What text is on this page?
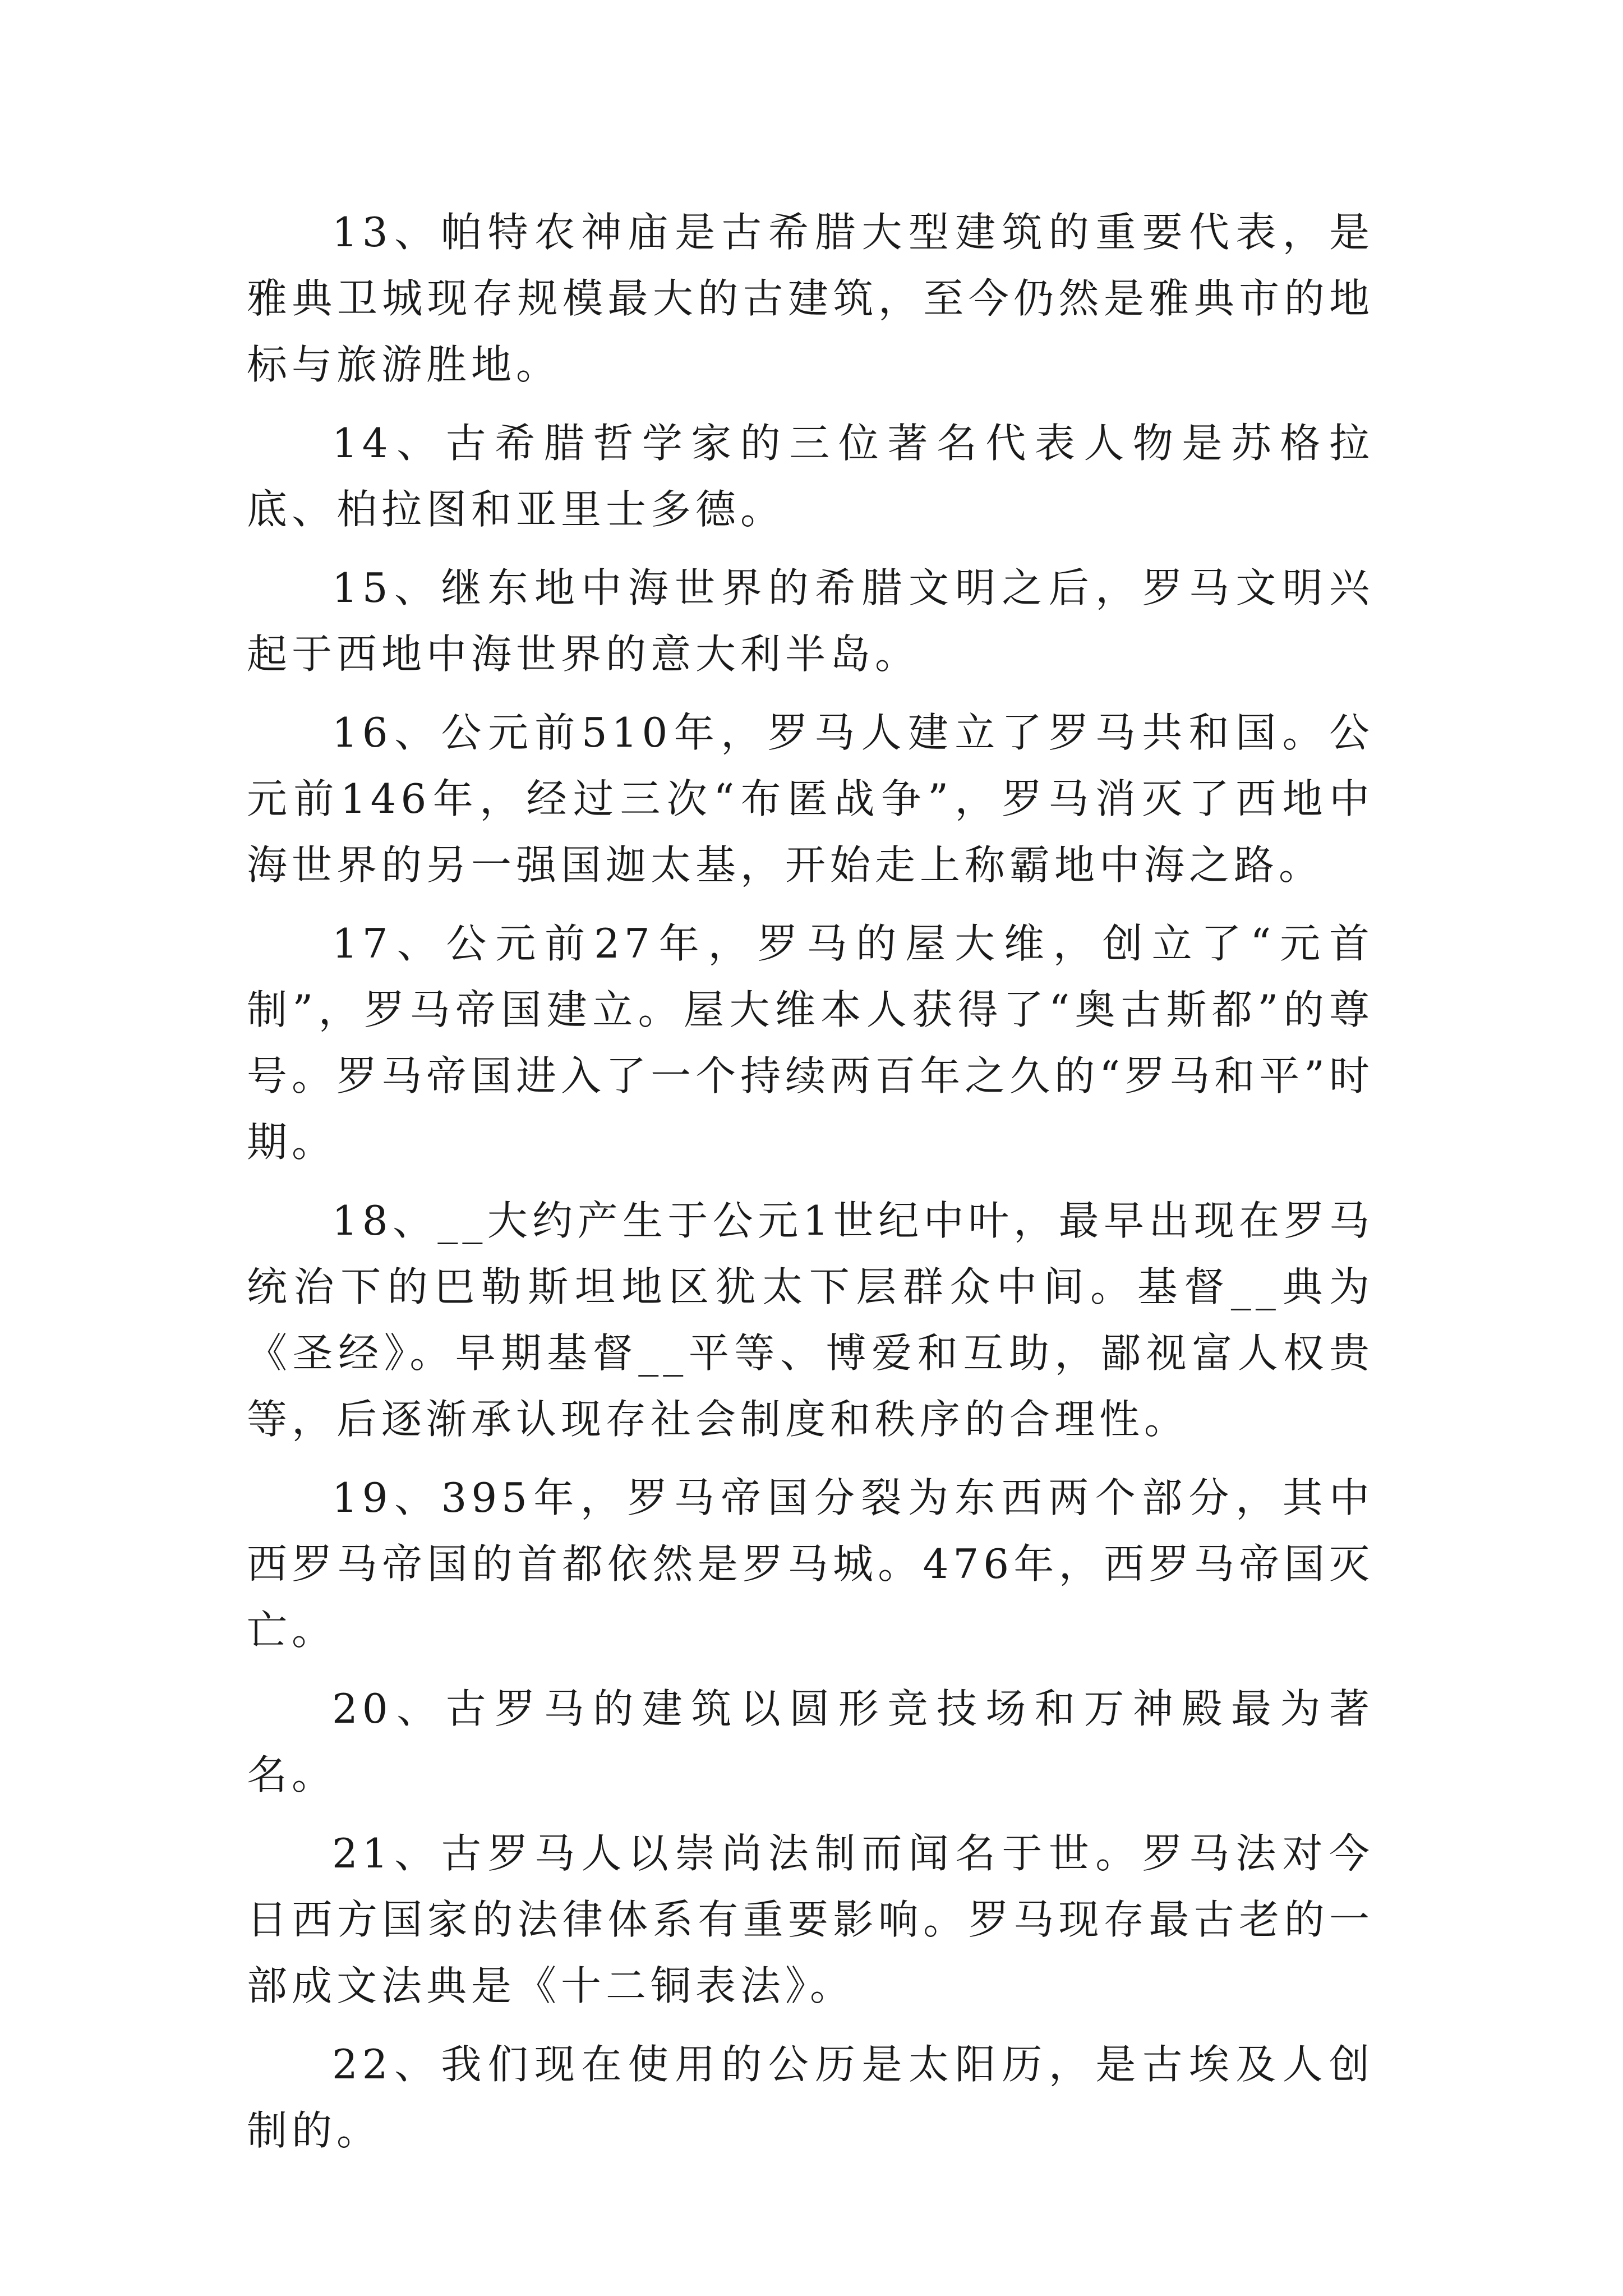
13、帕特农神庙是古希腊大型建筑的重要代表，是雅典卫城现存规模最大的古建筑，至今仍然是雅典市的地标与旅游胜地。

14、古希腊哲学家的三位著名代表人物是苏格拉底、柏拉图和亚里士多德。

15、继东地中海世界的希腊文明之后，罗马文明兴起于西地中海世界的意大利半岛。

16、公元前510年，罗马人建立了罗马共和国。公元前146年，经过三次“布匿战争”，罗马消灭了西地中海世界的另一强国迦太基，开始走上称霸地中海之路。

17、公元前27年，罗马的屋大维，创立了“元首制”，罗马帝国建立。屋大维本人获得了“奥古斯都”的尊号。罗马帝国进入了一个持续两百年之久的“罗马和平”时期。

18、__大约产生于公元1世纪中叶，最早出现在罗马统治下的巴勒斯坦地区犹太下层群众中间。基督__典为《圣经》。早期基督__平等、博爱和互助，鄙视富人权贵等，后逐渐承认现存社会制度和秩序的合理性。

19、395年，罗马帝国分裂为东西两个部分，其中西罗马帝国的首都依然是罗马城。476年，西罗马帝国灭亡。

20、古罗马的建筑以圆形竞技场和万神殿最为著名。

21、古罗马人以崇尚法制而闻名于世。罗马法对今日西方国家的法律体系有重要影响。罗马现存最古老的一部成文法典是《十二铜表法》。

22、我们现在使用的公历是太阳历，是古埃及人创制的。
